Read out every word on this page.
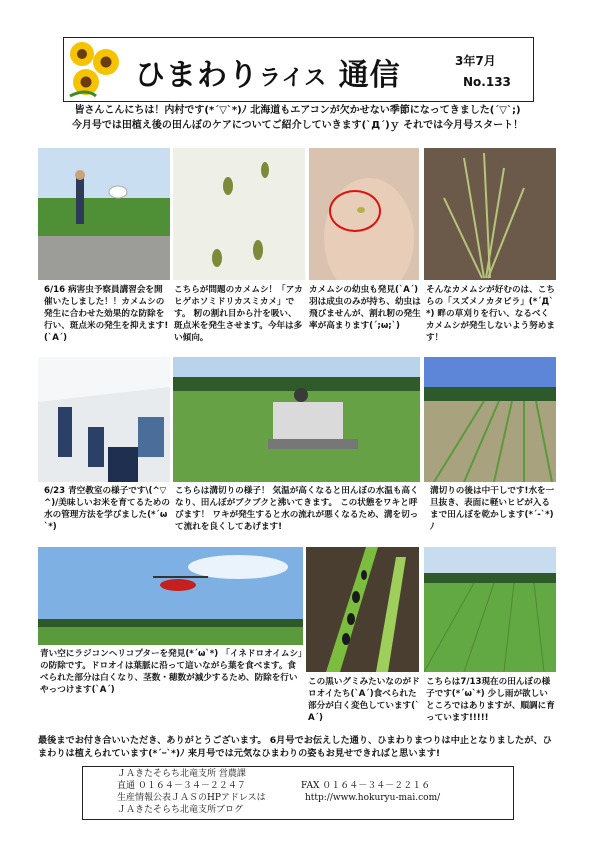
ひまわりライス 通信	3年7月
No.133
皆さんこんにちは！内村です(*´▽`*)ﾉ 北海道もエアコンが欠かせない季節になってきました(´▽`;)
今月号では田植え後の田んぼのケアについてご紹介していきます(`Д´)ｙ それでは今月号スタート！
6/16 病害虫予察員講習会を開催いたしました！！カメムシの発生に合わせた効果的な防除を行い、斑点米の発生を抑えます!(`A´)
こちらが問題のカメムシ！「アカヒゲホソミドリカスミカメ」です。 籾の割れ目から汁を吸い、斑点米を発生させます。今年は多い傾向。
カメムシの幼虫も発見(`A´) 羽は成虫のみが持ち、幼虫は飛びませんが、割れ籾の発生率が高まります(´;ω;`)
そんなカメムシが好むのは、こちらの「スズメノカタビラ」(*´Д`*) 畔の草刈りを行い、なるべくカメムシが発生しないよう努めます！
6/23 青空教室の様子です\(^▽^)/美味しいお米を育てるための水の管理方法を学びました(*´ω`*)
こちらは溝切りの様子！ 気温が高くなると田んぼの水温も高くなり、田んぼがブクブクと沸いてきます。 この状態をワキと呼びます！ ワキが発生すると水の流れが悪くなるため、溝を切って流れを良くしてあげます!
溝切りの後は中干しです!水を一旦抜き、表面に軽いヒビが入るまで田んぼを乾かします(*´-`*)ﾉ
青い空にラジコンヘリコプターを発見(*´ω`*) 「イネドロオイムシ」の防除です。ドロオイは葉脈に沿って這いながら葉を食べます。食べられた部分は白くなり、茎数・穂数が減少するため、防除を行いやっつけます(`A´)
この黒いグミみたいなのがドロオイたち(`A´)食べられた部分が白く変色しています(`A´)
こちらは7/13現在の田んぼの様子です(*´ω`*) 少し雨が欲しいところではありますが、順調に育っています!!!!!
最後までお付き合いいただき、ありがとうございます。 6月号でお伝えした通り、ひまわりまつりは中止となりましたが、ひまわりは植えられています(*´ｰ`*)ﾉ 来月号では元気なひまわりの姿もお見せできればと思います!
ＪＡきたそらち北竜支所 営農課
直通 ０１６４－３４－２２４７	FAX ０１６４－３４－２２１６
生産情報公表ＪＡＳのHPアドレスは	http://www.hokuryu-mai.com/
ＪＡきたそらち北竜支所ブログ
